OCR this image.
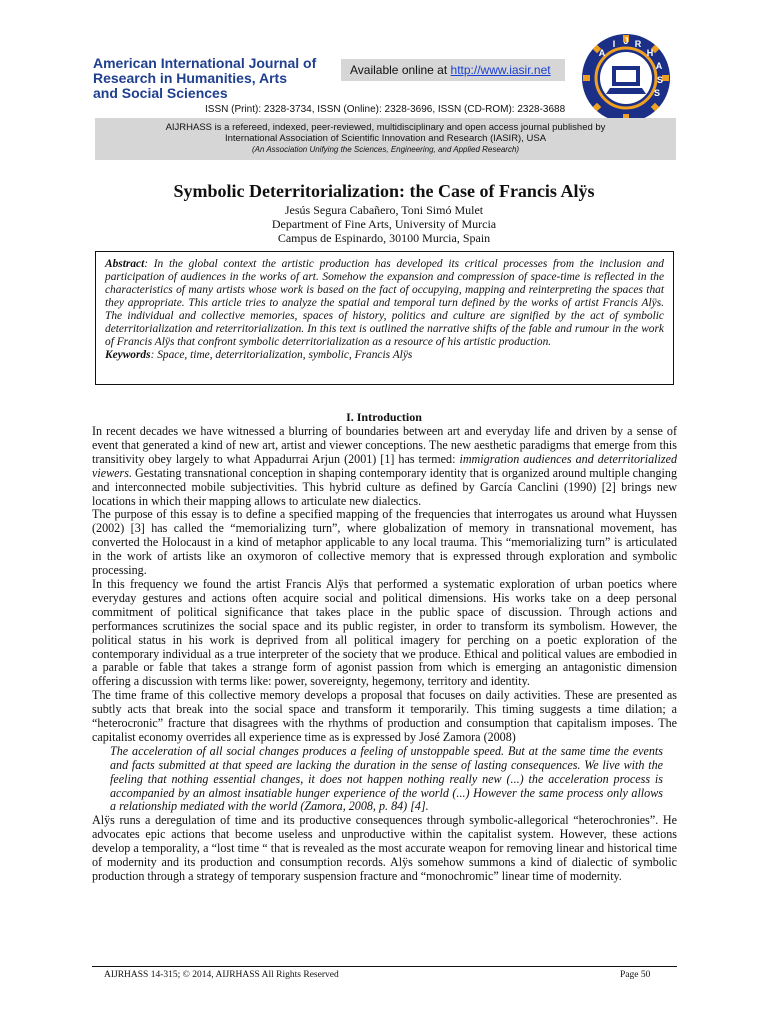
American International Journal of
Research in Humanities, Arts
and Social Sciences
Available online at http://www.iasir.net
A
I J R
H
A
S
S
ISSN (Print): 2328-3734, ISSN (Online): 2328-3696, ISSN (CD-ROM): 2328-3688
AIJRHASS is a refereed, indexed, peer-reviewed, multidisciplinary and open access journal published by
International Association of Scientific Innovation and Research (IASIR), USA
(An Association Unifying the Sciences, Engineering, and Applied Research)
Symbolic Deterritorialization: the Case of Francis Alÿs
Jesús Segura Cabañero, Toni Simó Mulet
Department of Fine Arts, University of Murcia
Campus de Espinardo, 30100 Murcia, Spain
Abstract: In the global context the artistic production has developed its critical processes from the inclusion and participation of audiences in the works of art. Somehow the expansion and compression of space-time is reflected in the characteristics of many artists whose work is based on the fact of occupying, mapping and reinterpreting the spaces that they appropriate. This article tries to analyze the spatial and temporal turn defined by the works of artist Francis Alÿs. The individual and collective memories, spaces of history, politics and culture are signified by the act of symbolic deterritorialization and reterritorialization. In this text is outlined the narrative shifts of the fable and rumour in the work of Francis Alÿs that confront symbolic deterritorialization as a resource of his artistic production.
Keywords: Space, time, deterritorialization, symbolic, Francis Alÿs
I. Introduction

In recent decades we have witnessed a blurring of boundaries between art and everyday life and driven by a sense of event that generated a kind of new art, artist and viewer conceptions. The new aesthetic paradigms that emerge from this transitivity obey largely to what Appadurrai Arjun (2001) [1] has termed: immigration audiences and deterritorialized viewers. Gestating transnational conception in shaping contemporary identity that is organized around multiple changing and interconnected mobile subjectivities. This hybrid culture as defined by García Canclini (1990) [2] brings new locations in which their mapping allows to articulate new dialectics.

The purpose of this essay is to define a specified mapping of the frequencies that interrogates us around what Huyssen (2002) [3] has called the “memorializing turn”, where globalization of memory in transnational movement, has converted the Holocaust in a kind of metaphor applicable to any local trauma. This “memorializing turn” is articulated in the work of artists like an oxymoron of collective memory that is expressed through exploration and symbolic processing.

In this frequency we found the artist Francis Alÿs that performed a systematic exploration of urban poetics where everyday gestures and actions often acquire social and political dimensions. His works take on a deep personal commitment of political significance that takes place in the public space of discussion. Through actions and performances scrutinizes the social space and its public register, in order to transform its symbolism. However, the political status in his work is deprived from all political imagery for perching on a poetic exploration of the contemporary individual as a true interpreter of the society that we produce. Ethical and political values are embodied in a parable or fable that takes a strange form of agonist passion from which is emerging an antagonistic dimension offering a discussion with terms like: power, sovereignty, hegemony, territory and identity.

The time frame of this collective memory develops a proposal that focuses on daily activities. These are presented as subtly acts that break into the social space and transform it temporarily. This timing suggests a time dilation; a “heterocronic” fracture that disagrees with the rhythms of production and consumption that capitalism imposes. The capitalist economy overrides all experience time as is expressed by José Zamora (2008)

The acceleration of all social changes produces a feeling of unstoppable speed. But at the same time the events and facts submitted at that speed are lacking the duration in the sense of lasting consequences. We live with the feeling that nothing essential changes, it does not happen nothing really new (...) the acceleration process is accompanied by an almost insatiable hunger experience of the world (...) However the same process only allows a relationship mediated with the world (Zamora, 2008, p. 84) [4].

Alÿs runs a deregulation of time and its productive consequences through symbolic-allegorical “heterochronies”. He advocates epic actions that become useless and unproductive within the capitalist system. However, these actions develop a temporality, a “lost time “ that is revealed as the most accurate weapon for removing linear and historical time of modernity and its production and consumption records. Alÿs somehow summons a kind of dialectic of symbolic production through a strategy of temporary suspension fracture and “monochromic” linear time of modernity.

AIJRHASS 14-315; © 2014, AIJRHASS All Rights Reserved	Page 50
